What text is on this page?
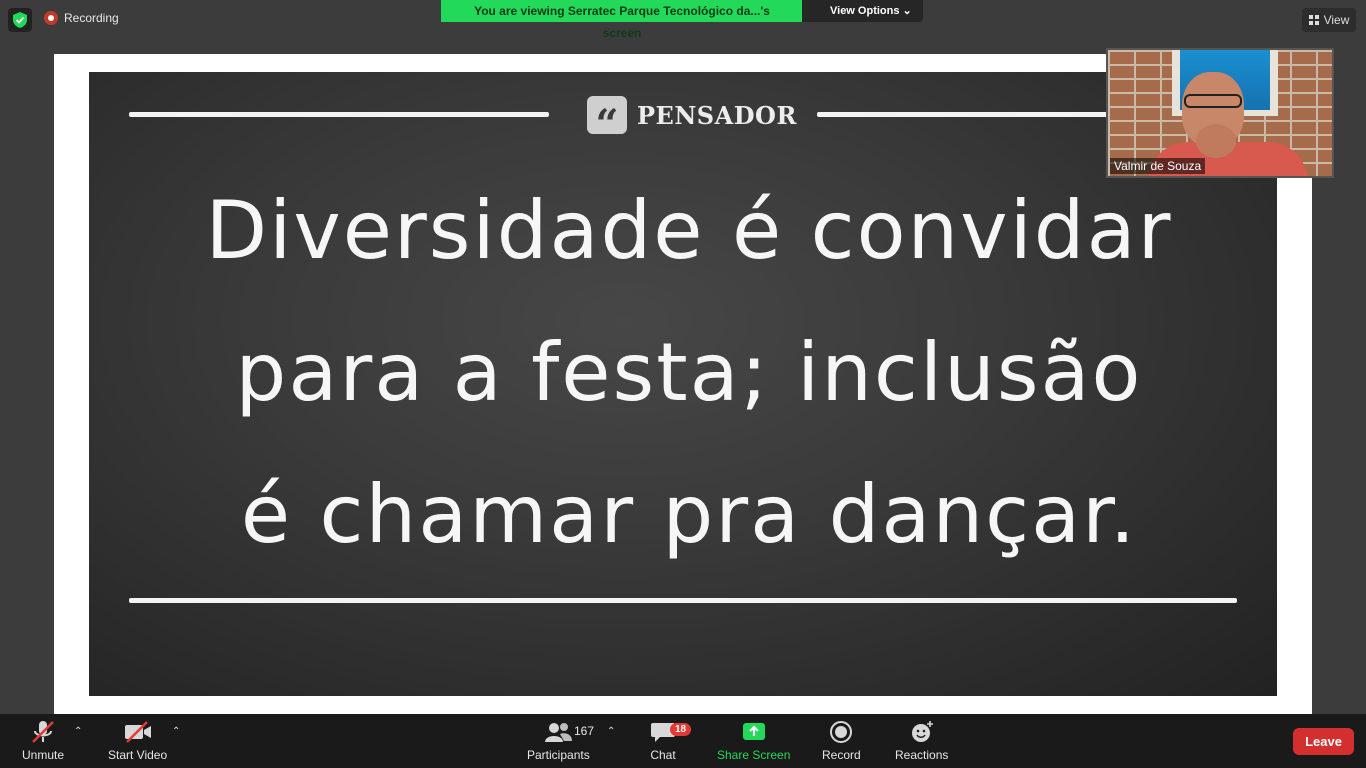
Recording	You are viewing Serratec Parque Tecnológico da...'s screen
View Options ⌄
View
“ PENSADOR
Diversidade é convidar
para a festa; inclusão
é chamar pra dançar.
Valmir de Souza
Unmute
⌃
Start Video
⌃
Participants
167 ⌃
Chat
18
Share Screen	Record	Reactions
Leave
